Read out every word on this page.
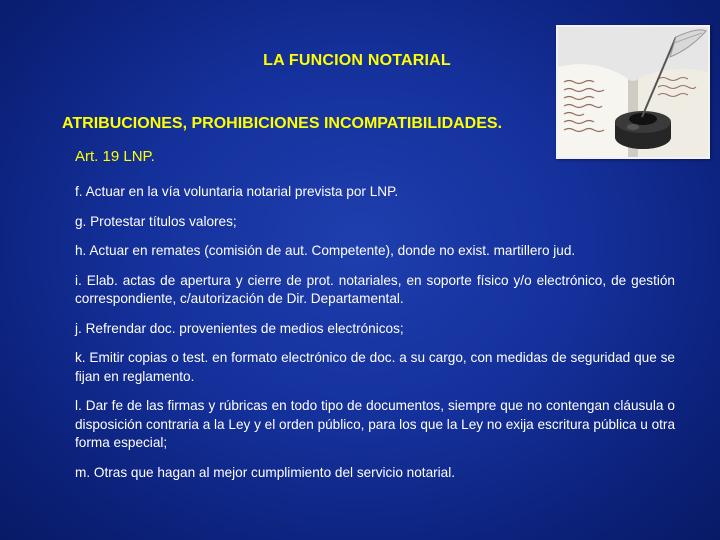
LA FUNCION NOTARIAL
ATRIBUCIONES, PROHIBICIONES INCOMPATIBILIDADES.
Art. 19 LNP.
f. Actuar en la vía voluntaria notarial prevista por LNP.
g. Protestar títulos valores;
h. Actuar en remates (comisión de aut. Competente), donde no exist. martillero jud.
i. Elab. actas de apertura y cierre de prot. notariales, en soporte físico y/o electrónico, de gestión correspondiente, c/autorización de Dir. Departamental.
j. Refrendar doc. provenientes de medios electrónicos;
k. Emitir copias o test. en formato electrónico de doc. a su cargo, con medidas de seguridad que se fijan en reglamento.
l. Dar fe de las firmas y rúbricas en todo tipo de documentos, siempre que no contengan cláusula o disposición contraria a la Ley y el orden público, para los que la Ley no exija escritura pública u otra forma especial;
m. Otras que hagan al mejor cumplimiento del servicio notarial.
